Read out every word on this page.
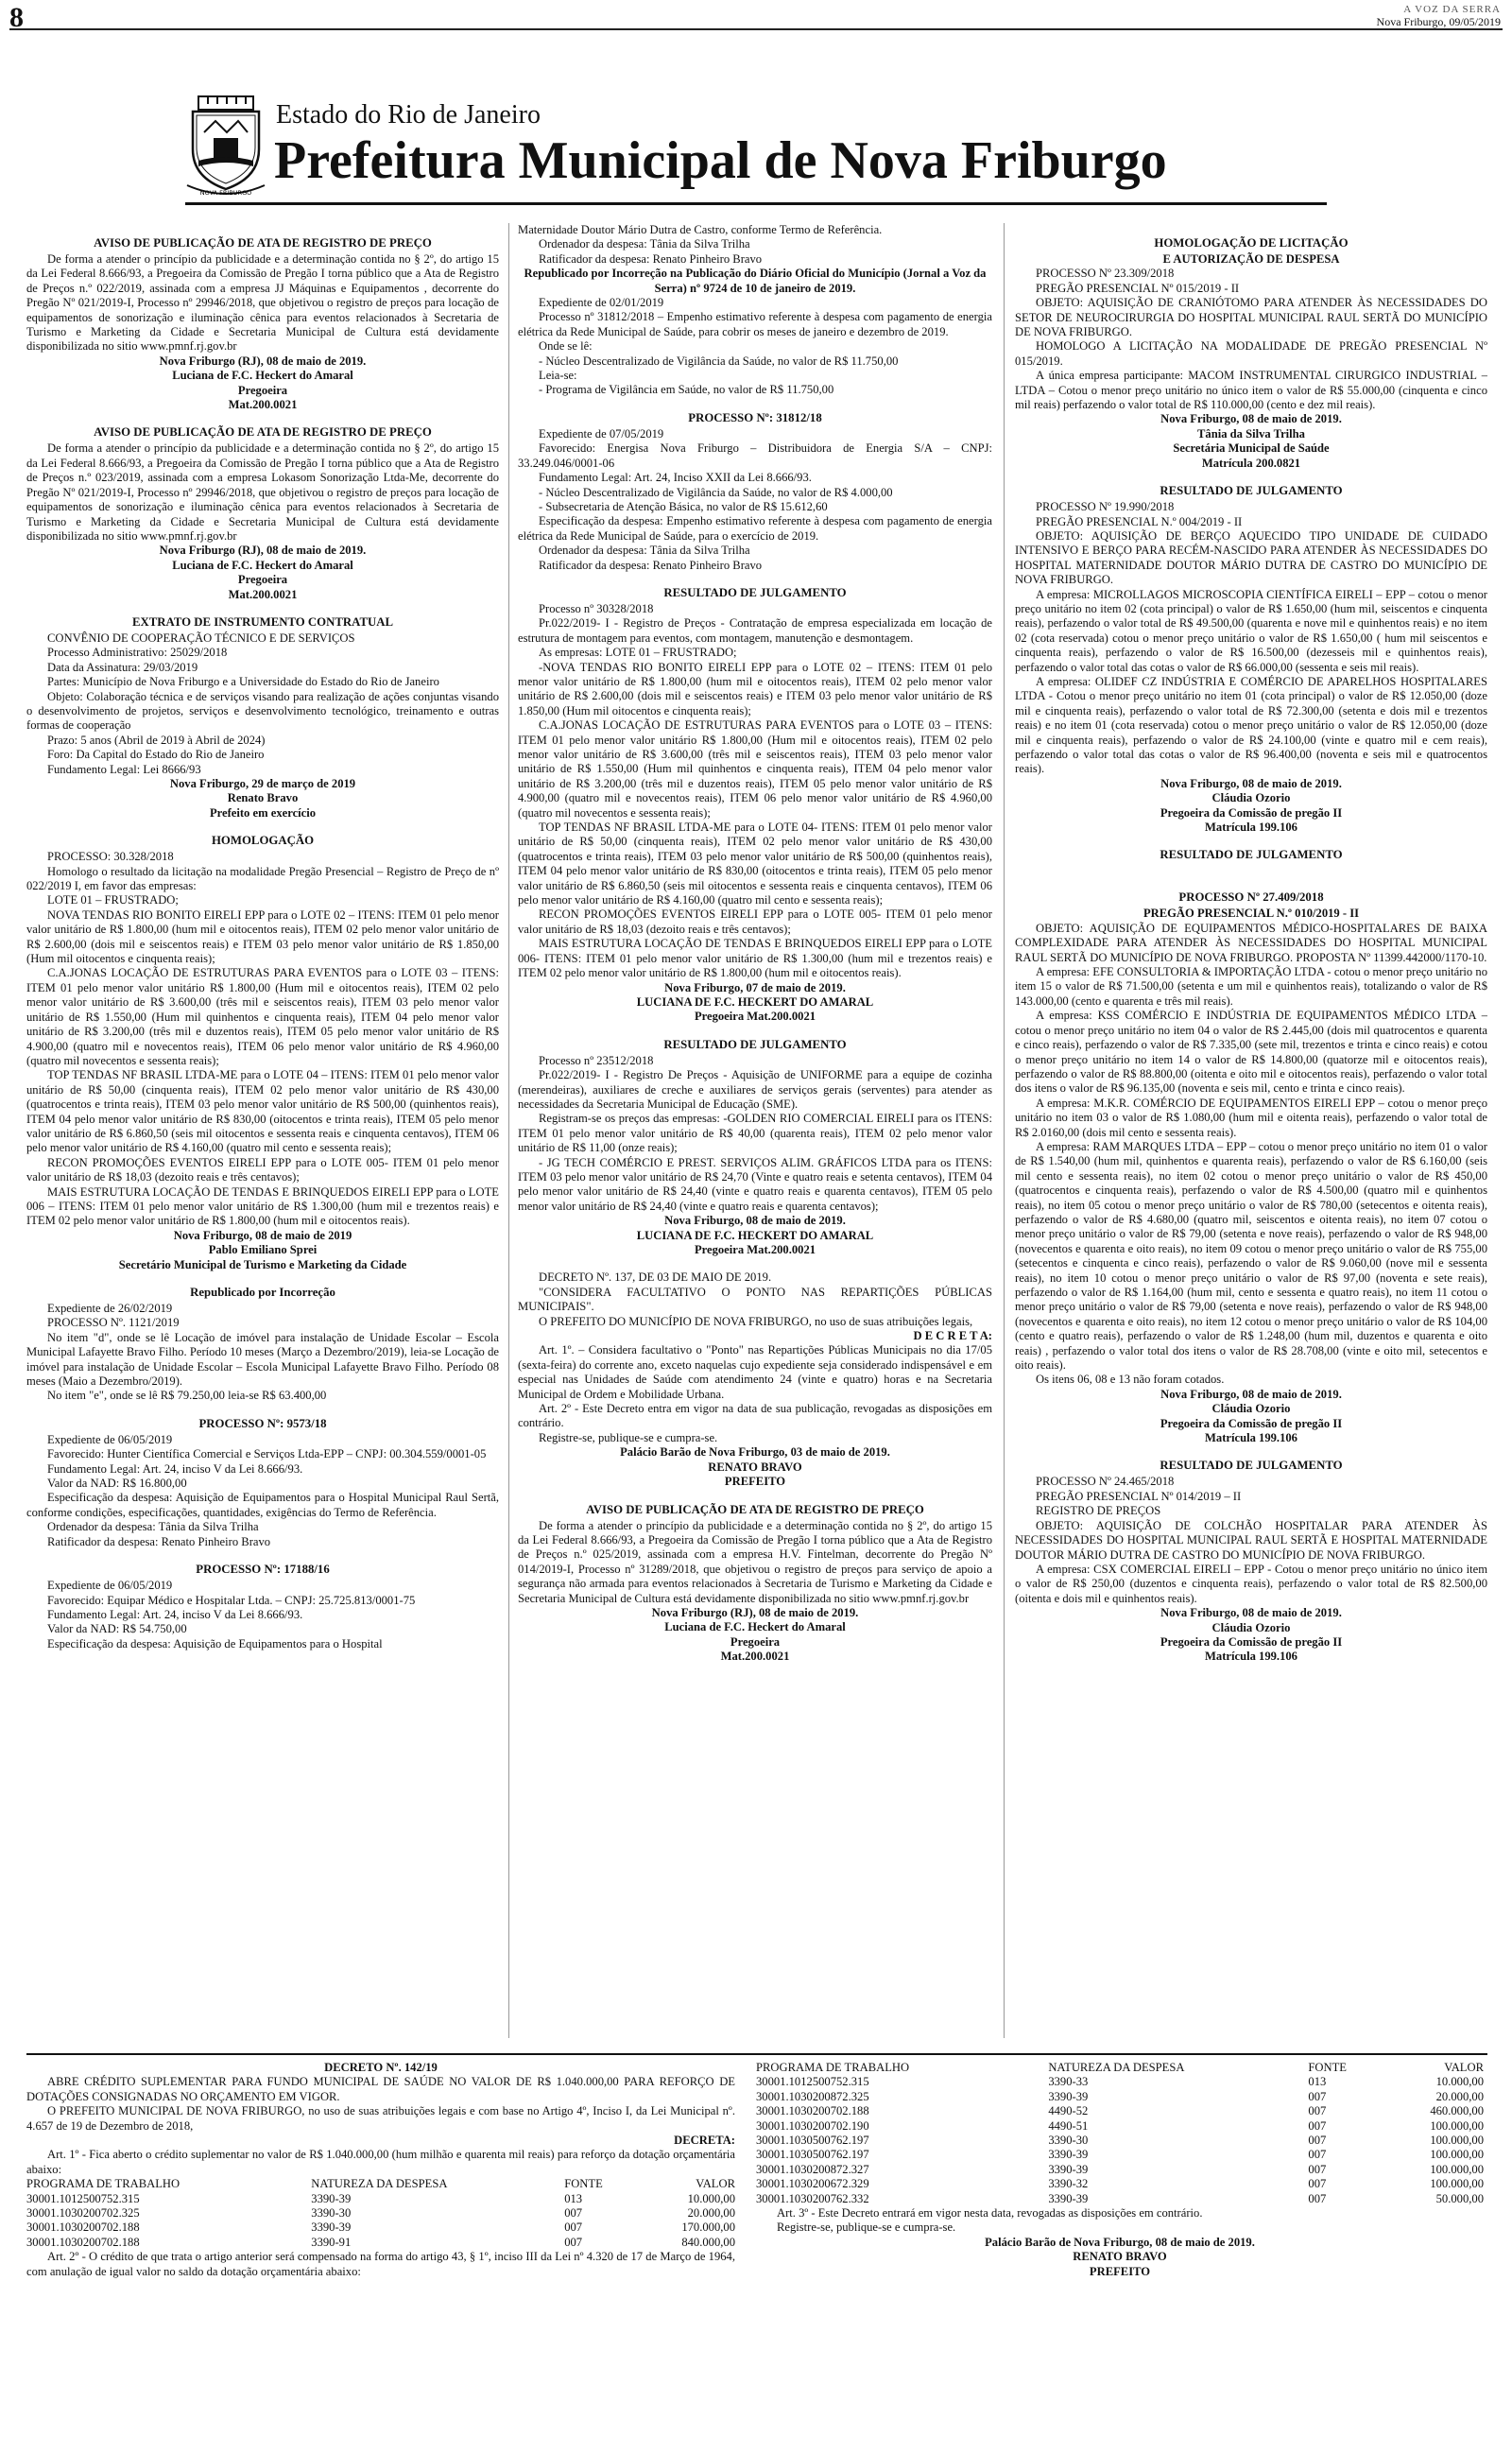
8	A VOZ DA SERRA
Nova Friburgo, 09/05/2019
NOVA FRIBURGO
Estado do Rio de Janeiro
Prefeitura Municipal de Nova Friburgo
AVISO DE PUBLICAÇÃO DE ATA DE REGISTRO DE PREÇO

De forma a atender o princípio da publicidade e a determinação contida no § 2º, do artigo 15 da Lei Federal 8.666/93, a Pregoeira da Comissão de Pregão I torna público que a Ata de Registro de Preços n.º 022/2019, assinada com a empresa JJ Máquinas e Equipamentos , decorrente do Pregão Nº 021/2019-I, Processo nº 29946/2018, que objetivou o registro de preços para locação de equipamentos de sonorização e iluminação cênica para eventos relacionados à Secretaria de Turismo e Marketing da Cidade e Secretaria Municipal de Cultura está devidamente disponibilizada no sitio www.pmnf.rj.gov.br

Nova Friburgo (RJ), 08 de maio de 2019.

Luciana de F.C. Heckert do Amaral

Pregoeira

Mat.200.0021

AVISO DE PUBLICAÇÃO DE ATA DE REGISTRO DE PREÇO

De forma a atender o princípio da publicidade e a determinação contida no § 2º, do artigo 15 da Lei Federal 8.666/93, a Pregoeira da Comissão de Pregão I torna público que a Ata de Registro de Preços n.º 023/2019, assinada com a empresa Lokasom Sonorização Ltda-Me, decorrente do Pregão Nº 021/2019-I, Processo nº 29946/2018, que objetivou o registro de preços para locação de equipamentos de sonorização e iluminação cênica para eventos relacionados à Secretaria de Turismo e Marketing da Cidade e Secretaria Municipal de Cultura está devidamente disponibilizada no sitio www.pmnf.rj.gov.br

Nova Friburgo (RJ), 08 de maio de 2019.

Luciana de F.C. Heckert do Amaral

Pregoeira

Mat.200.0021

EXTRATO DE INSTRUMENTO CONTRATUAL

CONVÊNIO DE COOPERAÇÃO TÉCNICO E DE SERVIÇOS

Processo Administrativo: 25029/2018

Data da Assinatura: 29/03/2019

Partes: Município de Nova Friburgo e a Universidade do Estado do Rio de Janeiro

Objeto: Colaboração técnica e de serviços visando para realização de ações conjuntas visando o desenvolvimento de projetos, serviços e desenvolvimento tecnológico, treinamento e outras formas de cooperação

Prazo: 5 anos (Abril de 2019 à Abril de 2024)

Foro: Da Capital do Estado do Rio de Janeiro

Fundamento Legal: Lei 8666/93

Nova Friburgo, 29 de março de 2019

Renato Bravo

Prefeito em exercício

HOMOLOGAÇÃO

PROCESSO: 30.328/2018

Homologo o resultado da licitação na modalidade Pregão Presencial – Registro de Preço de nº 022/2019 I, em favor das empresas:

LOTE 01 – FRUSTRADO;

NOVA TENDAS RIO BONITO EIRELI EPP para o LOTE 02 – ITENS: ITEM 01 pelo menor valor unitário de R$ 1.800,00 (hum mil e oitocentos reais), ITEM 02 pelo menor valor unitário de R$ 2.600,00 (dois mil e seiscentos reais) e ITEM 03 pelo menor valor unitário de R$ 1.850,00 (Hum mil oitocentos e cinquenta reais);

C.A.JONAS LOCAÇÃO DE ESTRUTURAS PARA EVENTOS para o LOTE 03 – ITENS: ITEM 01 pelo menor valor unitário R$ 1.800,00 (Hum mil e oitocentos reais), ITEM 02 pelo menor valor unitário de R$ 3.600,00 (três mil e seiscentos reais), ITEM 03 pelo menor valor unitário de R$ 1.550,00 (Hum mil quinhentos e cinquenta reais), ITEM 04 pelo menor valor unitário de R$ 3.200,00 (três mil e duzentos reais), ITEM 05 pelo menor valor unitário de R$ 4.900,00 (quatro mil e novecentos reais), ITEM 06 pelo menor valor unitário de R$ 4.960,00 (quatro mil novecentos e sessenta reais);

TOP TENDAS NF BRASIL LTDA-ME para o LOTE 04 – ITENS: ITEM 01 pelo menor valor unitário de R$ 50,00 (cinquenta reais), ITEM 02 pelo menor valor unitário de R$ 430,00 (quatrocentos e trinta reais), ITEM 03 pelo menor valor unitário de R$ 500,00 (quinhentos reais), ITEM 04 pelo menor valor unitário de R$ 830,00 (oitocentos e trinta reais), ITEM 05 pelo menor valor unitário de R$ 6.860,50 (seis mil oitocentos e sessenta reais e cinquenta centavos), ITEM 06 pelo menor valor unitário de R$ 4.160,00 (quatro mil cento e sessenta reais);

RECON PROMOÇÕES EVENTOS EIRELI EPP para o LOTE 005- ITEM 01 pelo menor valor unitário de R$ 18,03 (dezoito reais e três centavos);

MAIS ESTRUTURA LOCAÇÃO DE TENDAS E BRINQUEDOS EIRELI EPP para o LOTE 006 – ITENS: ITEM 01 pelo menor valor unitário de R$ 1.300,00 (hum mil e trezentos reais) e ITEM 02 pelo menor valor unitário de R$ 1.800,00 (hum mil e oitocentos reais).

Nova Friburgo, 08 de maio de 2019

Pablo Emiliano Sprei

Secretário Municipal de Turismo e Marketing da Cidade

Republicado por Incorreção

Expediente de 26/02/2019

PROCESSO Nº. 1121/2019

No item "d", onde se lê Locação de imóvel para instalação de Unidade Escolar – Escola Municipal Lafayette Bravo Filho. Período 10 meses (Março a Dezembro/2019), leia-se Locação de imóvel para instalação de Unidade Escolar – Escola Municipal Lafayette Bravo Filho. Período 08 meses (Maio a Dezembro/2019).

No item "e", onde se lê R$ 79.250,00 leia-se R$ 63.400,00

PROCESSO Nº: 9573/18

Expediente de 06/05/2019

Favorecido: Hunter Científica Comercial e Serviços Ltda-EPP – CNPJ: 00.304.559/0001-05

Fundamento Legal: Art. 24, inciso V da Lei 8.666/93.

Valor da NAD: R$ 16.800,00

Especificação da despesa: Aquisição de Equipamentos para o Hospital Municipal Raul Sertã, conforme condições, especificações, quantidades, exigências do Termo de Referência.

Ordenador da despesa: Tânia da Silva Trilha

Ratificador da despesa: Renato Pinheiro Bravo

PROCESSO Nº: 17188/16

Expediente de 06/05/2019

Favorecido: Equipar Médico e Hospitalar Ltda. – CNPJ: 25.725.813/0001-75

Fundamento Legal: Art. 24, inciso V da Lei 8.666/93.

Valor da NAD: R$ 54.750,00

Especificação da despesa: Aquisição de Equipamentos para o Hospital

Maternidade Doutor Mário Dutra de Castro, conforme Termo de Referência.

Ordenador da despesa: Tânia da Silva Trilha

Ratificador da despesa: Renato Pinheiro Bravo

Republicado por Incorreção na Publicação do Diário Oficial do Município (Jornal a Voz da Serra) nº 9724 de 10 de janeiro de 2019.

Expediente de 02/01/2019

Processo nº 31812/2018 – Empenho estimativo referente à despesa com pagamento de energia elétrica da Rede Municipal de Saúde, para cobrir os meses de janeiro e dezembro de 2019.

Onde se lê:

- Núcleo Descentralizado de Vigilância da Saúde, no valor de R$ 11.750,00

Leia-se:

- Programa de Vigilância em Saúde, no valor de R$ 11.750,00

PROCESSO Nº: 31812/18

Expediente de 07/05/2019

Favorecido: Energisa Nova Friburgo – Distribuidora de Energia S/A – CNPJ: 33.249.046/0001-06

Fundamento Legal: Art. 24, Inciso XXII da Lei 8.666/93.

- Núcleo Descentralizado de Vigilância da Saúde, no valor de R$ 4.000,00

- Subsecretaria de Atenção Básica, no valor de R$ 15.612,60

Especificação da despesa: Empenho estimativo referente à despesa com pagamento de energia elétrica da Rede Municipal de Saúde, para o exercício de 2019.

Ordenador da despesa: Tânia da Silva Trilha

Ratificador da despesa: Renato Pinheiro Bravo

RESULTADO DE JULGAMENTO

Processo nº 30328/2018

Pr.022/2019- I - Registro de Preços - Contratação de empresa especializada em locação de estrutura de montagem para eventos, com montagem, manutenção e desmontagem.

As empresas: LOTE 01 – FRUSTRADO;

-NOVA TENDAS RIO BONITO EIRELI EPP para o LOTE 02 – ITENS: ITEM 01 pelo menor valor unitário de R$ 1.800,00 (hum mil e oitocentos reais), ITEM 02 pelo menor valor unitário de R$ 2.600,00 (dois mil e seiscentos reais) e ITEM 03 pelo menor valor unitário de R$ 1.850,00 (Hum mil oitocentos e cinquenta reais);

C.A.JONAS LOCAÇÃO DE ESTRUTURAS PARA EVENTOS para o LOTE 03 – ITENS: ITEM 01 pelo menor valor unitário R$ 1.800,00 (Hum mil e oitocentos reais), ITEM 02 pelo menor valor unitário de R$ 3.600,00 (três mil e seiscentos reais), ITEM 03 pelo menor valor unitário de R$ 1.550,00 (Hum mil quinhentos e cinquenta reais), ITEM 04 pelo menor valor unitário de R$ 3.200,00 (três mil e duzentos reais), ITEM 05 pelo menor valor unitário de R$ 4.900,00 (quatro mil e novecentos reais), ITEM 06 pelo menor valor unitário de R$ 4.960,00 (quatro mil novecentos e sessenta reais);

TOP TENDAS NF BRASIL LTDA-ME para o LOTE 04- ITENS: ITEM 01 pelo menor valor unitário de R$ 50,00 (cinquenta reais), ITEM 02 pelo menor valor unitário de R$ 430,00 (quatrocentos e trinta reais), ITEM 03 pelo menor valor unitário de R$ 500,00 (quinhentos reais), ITEM 04 pelo menor valor unitário de R$ 830,00 (oitocentos e trinta reais), ITEM 05 pelo menor valor unitário de R$ 6.860,50 (seis mil oitocentos e sessenta reais e cinquenta centavos), ITEM 06 pelo menor valor unitário de R$ 4.160,00 (quatro mil cento e sessenta reais);

RECON PROMOÇÕES EVENTOS EIRELI EPP para o LOTE 005- ITEM 01 pelo menor valor unitário de R$ 18,03 (dezoito reais e três centavos);

MAIS ESTRUTURA LOCAÇÃO DE TENDAS E BRINQUEDOS EIRELI EPP para o LOTE 006- ITENS: ITEM 01 pelo menor valor unitário de R$ 1.300,00 (hum mil e trezentos reais) e ITEM 02 pelo menor valor unitário de R$ 1.800,00 (hum mil e oitocentos reais).

Nova Friburgo, 07 de maio de 2019.

LUCIANA DE F.C. HECKERT DO AMARAL

Pregoeira Mat.200.0021

RESULTADO DE JULGAMENTO

Processo nº 23512/2018

Pr.022/2019- I - Registro De Preços - Aquisição de UNIFORME para a equipe de cozinha (merendeiras), auxiliares de creche e auxiliares de serviços gerais (serventes) para atender as necessidades da Secretaria Municipal de Educação (SME).

Registram-se os preços das empresas: -GOLDEN RIO COMERCIAL EIRELI para os ITENS: ITEM 01 pelo menor valor unitário de R$ 40,00 (quarenta reais), ITEM 02 pelo menor valor unitário de R$ 11,00 (onze reais);

- JG TECH COMÉRCIO E PREST. SERVIÇOS ALIM. GRÁFICOS LTDA para os ITENS: ITEM 03 pelo menor valor unitário de R$ 24,70 (Vinte e quatro reais e setenta centavos), ITEM 04 pelo menor valor unitário de R$ 24,40 (vinte e quatro reais e quarenta centavos), ITEM 05 pelo menor valor unitário de R$ 24,40 (vinte e quatro reais e quarenta centavos);

Nova Friburgo, 08 de maio de 2019.

LUCIANA DE F.C. HECKERT DO AMARAL

Pregoeira Mat.200.0021

DECRETO Nº. 137, DE 03 DE MAIO DE 2019.

"CONSIDERA FACULTATIVO O PONTO NAS REPARTIÇÕES PÚBLICAS MUNICIPAIS".

O PREFEITO DO MUNICÍPIO DE NOVA FRIBURGO, no uso de suas atribuições legais,

D E C R E T A:

Art. 1º. – Considera facultativo o "Ponto" nas Repartições Públicas Municipais no dia 17/05 (sexta-feira) do corrente ano, exceto naquelas cujo expediente seja considerado indispensável e em especial nas Unidades de Saúde com atendimento 24 (vinte e quatro) horas e na Secretaria Municipal de Ordem e Mobilidade Urbana.

Art. 2º - Este Decreto entra em vigor na data de sua publicação, revogadas as disposições em contrário.

Registre-se, publique-se e cumpra-se.

Palácio Barão de Nova Friburgo, 03 de maio de 2019.

RENATO BRAVO

PREFEITO

AVISO DE PUBLICAÇÃO DE ATA DE REGISTRO DE PREÇO

De forma a atender o princípio da publicidade e a determinação contida no § 2º, do artigo 15 da Lei Federal 8.666/93, a Pregoeira da Comissão de Pregão I torna público que a Ata de Registro de Preços n.º 025/2019, assinada com a empresa H.V. Fintelman, decorrente do Pregão Nº 014/2019-I, Processo nº 31289/2018, que objetivou o registro de preços para serviço de apoio a segurança não armada para eventos relacionados à Secretaria de Turismo e Marketing da Cidade e Secretaria Municipal de Cultura está devidamente disponibilizada no sitio www.pmnf.rj.gov.br

Nova Friburgo (RJ), 08 de maio de 2019.

Luciana de F.C. Heckert do Amaral

Pregoeira

Mat.200.0021

HOMOLOGAÇÃO DE LICITAÇÃO

E AUTORIZAÇÃO DE DESPESA

PROCESSO Nº 23.309/2018

PREGÃO PRESENCIAL Nº 015/2019 - II

OBJETO: AQUISIÇÃO DE CRANIÓTOMO PARA ATENDER ÀS NECESSIDADES DO SETOR DE NEUROCIRURGIA DO HOSPITAL MUNICIPAL RAUL SERTÃ DO MUNICÍPIO DE NOVA FRIBURGO.

HOMOLOGO A LICITAÇÃO NA MODALIDADE DE PREGÃO PRESENCIAL Nº 015/2019.

A única empresa participante: MACOM INSTRUMENTAL CIRURGICO INDUSTRIAL – LTDA – Cotou o menor preço unitário no único item o valor de R$ 55.000,00 (cinquenta e cinco mil reais) perfazendo o valor total de R$ 110.000,00 (cento e dez mil reais).

Nova Friburgo, 08 de maio de 2019.

Tânia da Silva Trilha

Secretária Municipal de Saúde

Matrícula 200.0821

RESULTADO DE JULGAMENTO

PROCESSO Nº 19.990/2018

PREGÃO PRESENCIAL N.º 004/2019 - II

OBJETO: AQUISIÇÃO DE BERÇO AQUECIDO TIPO UNIDADE DE CUIDADO INTENSIVO E BERÇO PARA RECÉM-NASCIDO PARA ATENDER ÀS NECESSIDADES DO HOSPITAL MATERNIDADE DOUTOR MÁRIO DUTRA DE CASTRO DO MUNICÍPIO DE NOVA FRIBURGO.

A empresa: MICROLLAGOS MICROSCOPIA CIENTÍFICA EIRELI – EPP – cotou o menor preço unitário no item 02 (cota principal) o valor de R$ 1.650,00 (hum mil, seiscentos e cinquenta reais), perfazendo o valor total de R$ 49.500,00 (quarenta e nove mil e quinhentos reais) e no item 02 (cota reservada) cotou o menor preço unitário o valor de R$ 1.650,00 ( hum mil seiscentos e cinquenta reais), perfazendo o valor de R$ 16.500,00 (dezesseis mil e quinhentos reais), perfazendo o valor total das cotas o valor de R$ 66.000,00 (sessenta e seis mil reais).

A empresa: OLIDEF CZ INDÚSTRIA E COMÉRCIO DE APARELHOS HOSPITALARES LTDA - Cotou o menor preço unitário no item 01 (cota principal) o valor de R$ 12.050,00 (doze mil e cinquenta reais), perfazendo o valor total de R$ 72.300,00 (setenta e dois mil e trezentos reais) e no item 01 (cota reservada) cotou o menor preço unitário o valor de R$ 12.050,00 (doze mil e cinquenta reais), perfazendo o valor de R$ 24.100,00 (vinte e quatro mil e cem reais), perfazendo o valor total das cotas o valor de R$ 96.400,00 (noventa e seis mil e quatrocentos reais).

Nova Friburgo, 08 de maio de 2019.

Cláudia Ozorio

Pregoeira da Comissão de pregão II

Matrícula 199.106

RESULTADO DE JULGAMENTO
PROCESSO Nº 27.409/2018

PREGÃO PRESENCIAL N.º 010/2019 - II

OBJETO: AQUISIÇÃO DE EQUIPAMENTOS MÉDICO-HOSPITALARES DE BAIXA COMPLEXIDADE PARA ATENDER ÀS NECESSIDADES DO HOSPITAL MUNICIPAL RAUL SERTÃ DO MUNICÍPIO DE NOVA FRIBURGO. PROPOSTA Nº 11399.442000/1170-10.

A empresa: EFE CONSULTORIA & IMPORTAÇÃO LTDA - cotou o menor preço unitário no item 15 o valor de R$ 71.500,00 (setenta e um mil e quinhentos reais), totalizando o valor de R$ 143.000,00 (cento e quarenta e três mil reais).

A empresa: KSS COMÉRCIO E INDÚSTRIA DE EQUIPAMENTOS MÉDICO LTDA – cotou o menor preço unitário no item 04 o valor de R$ 2.445,00 (dois mil quatrocentos e quarenta e cinco reais), perfazendo o valor de R$ 7.335,00 (sete mil, trezentos e trinta e cinco reais) e cotou o menor preço unitário no item 14 o valor de R$ 14.800,00 (quatorze mil e oitocentos reais), perfazendo o valor de R$ 88.800,00 (oitenta e oito mil e oitocentos reais), perfazendo o valor total dos itens o valor de R$ 96.135,00 (noventa e seis mil, cento e trinta e cinco reais).

A empresa: M.K.R. COMÉRCIO DE EQUIPAMENTOS EIRELI EPP – cotou o menor preço unitário no item 03 o valor de R$ 1.080,00 (hum mil e oitenta reais), perfazendo o valor total de R$ 2.0160,00 (dois mil cento e sessenta reais).

A empresa: RAM MARQUES LTDA – EPP – cotou o menor preço unitário no item 01 o valor de R$ 1.540,00 (hum mil, quinhentos e quarenta reais), perfazendo o valor de R$ 6.160,00 (seis mil cento e sessenta reais), no item 02 cotou o menor preço unitário o valor de R$ 450,00 (quatrocentos e cinquenta reais), perfazendo o valor de R$ 4.500,00 (quatro mil e quinhentos reais), no item 05 cotou o menor preço unitário o valor de R$ 780,00 (setecentos e oitenta reais), perfazendo o valor de R$ 4.680,00 (quatro mil, seiscentos e oitenta reais), no item 07 cotou o menor preço unitário o valor de R$ 79,00 (setenta e nove reais), perfazendo o valor de R$ 948,00 (novecentos e quarenta e oito reais), no item 09 cotou o menor preço unitário o valor de R$ 755,00 (setecentos e cinquenta e cinco reais), perfazendo o valor de R$ 9.060,00 (nove mil e sessenta reais), no item 10 cotou o menor preço unitário o valor de R$ 97,00 (noventa e sete reais), perfazendo o valor de R$ 1.164,00 (hum mil, cento e sessenta e quatro reais), no item 11 cotou o menor preço unitário o valor de R$ 79,00 (setenta e nove reais), perfazendo o valor de R$ 948,00 (novecentos e quarenta e oito reais), no item 12 cotou o menor preço unitário o valor de R$ 104,00 (cento e quatro reais), perfazendo o valor de R$ 1.248,00 (hum mil, duzentos e quarenta e oito reais) , perfazendo o valor total dos itens o valor de R$ 28.708,00 (vinte e oito mil, setecentos e oito reais).

Os itens 06, 08 e 13 não foram cotados.

Nova Friburgo, 08 de maio de 2019.

Cláudia Ozorio

Pregoeira da Comissão de pregão II

Matrícula 199.106

RESULTADO DE JULGAMENTO

PROCESSO Nº 24.465/2018

PREGÃO PRESENCIAL Nº 014/2019 – II

REGISTRO DE PREÇOS

OBJETO: AQUISIÇÃO DE COLCHÃO HOSPITALAR PARA ATENDER ÀS NECESSIDADES DO HOSPITAL MUNICIPAL RAUL SERTÃ E HOSPITAL MATERNIDADE DOUTOR MÁRIO DUTRA DE CASTRO DO MUNICÍPIO DE NOVA FRIBURGO.

A empresa: CSX COMERCIAL EIRELI – EPP - Cotou o menor preço unitário no único item o valor de R$ 250,00 (duzentos e cinquenta reais), perfazendo o valor total de R$ 82.500,00 (oitenta e dois mil e quinhentos reais).

Nova Friburgo, 08 de maio de 2019.

Cláudia Ozorio

Pregoeira da Comissão de pregão II

Matrícula 199.106

DECRETO Nº. 142/19

ABRE CRÉDITO SUPLEMENTAR PARA FUNDO MUNICIPAL DE SAÚDE NO VALOR DE R$ 1.040.000,00 PARA REFORÇO DE DOTAÇÕES CONSIGNADAS NO ORÇAMENTO EM VIGOR.

O PREFEITO MUNICIPAL DE NOVA FRIBURGO, no uso de suas atribuições legais e com base no Artigo 4º, Inciso I, da Lei Municipal nº. 4.657 de 19 de Dezembro de 2018,

DECRETA:

Art. 1º - Fica aberto o crédito suplementar no valor de R$ 1.040.000,00 (hum milhão e quarenta mil reais) para reforço da dotação orçamentária abaixo:

PROGRAMA DE TRABALHO	NATUREZA DA DESPESA	FONTE	VALOR
30001.1012500752.315	3390-39	013	10.000,00
30001.1030200702.325	3390-30	007	20.000,00
30001.1030200702.188	3390-39	007	170.000,00
30001.1030200702.188	3390-91	007	840.000,00

Art. 2º - O crédito de que trata o artigo anterior será compensado na forma do artigo 43, § 1º, inciso III da Lei nº 4.320 de 17 de Março de 1964, com anulação de igual valor no saldo da dotação orçamentária abaixo:

PROGRAMA DE TRABALHO	NATUREZA DA DESPESA	FONTE	VALOR
30001.1012500752.315	3390-33	013	10.000,00
30001.1030200872.325	3390-39	007	20.000,00
30001.1030200702.188	4490-52	007	460.000,00
30001.1030200702.190	4490-51	007	100.000,00
30001.1030500762.197	3390-30	007	100.000,00
30001.1030500762.197	3390-39	007	100.000,00
30001.1030200872.327	3390-39	007	100.000,00
30001.1030200672.329	3390-32	007	100.000,00
30001.1030200762.332	3390-39	007	50.000,00

Art. 3º - Este Decreto entrará em vigor nesta data, revogadas as disposições em contrário.

Registre-se, publique-se e cumpra-se.

Palácio Barão de Nova Friburgo, 08 de maio de 2019.

RENATO BRAVO

PREFEITO
